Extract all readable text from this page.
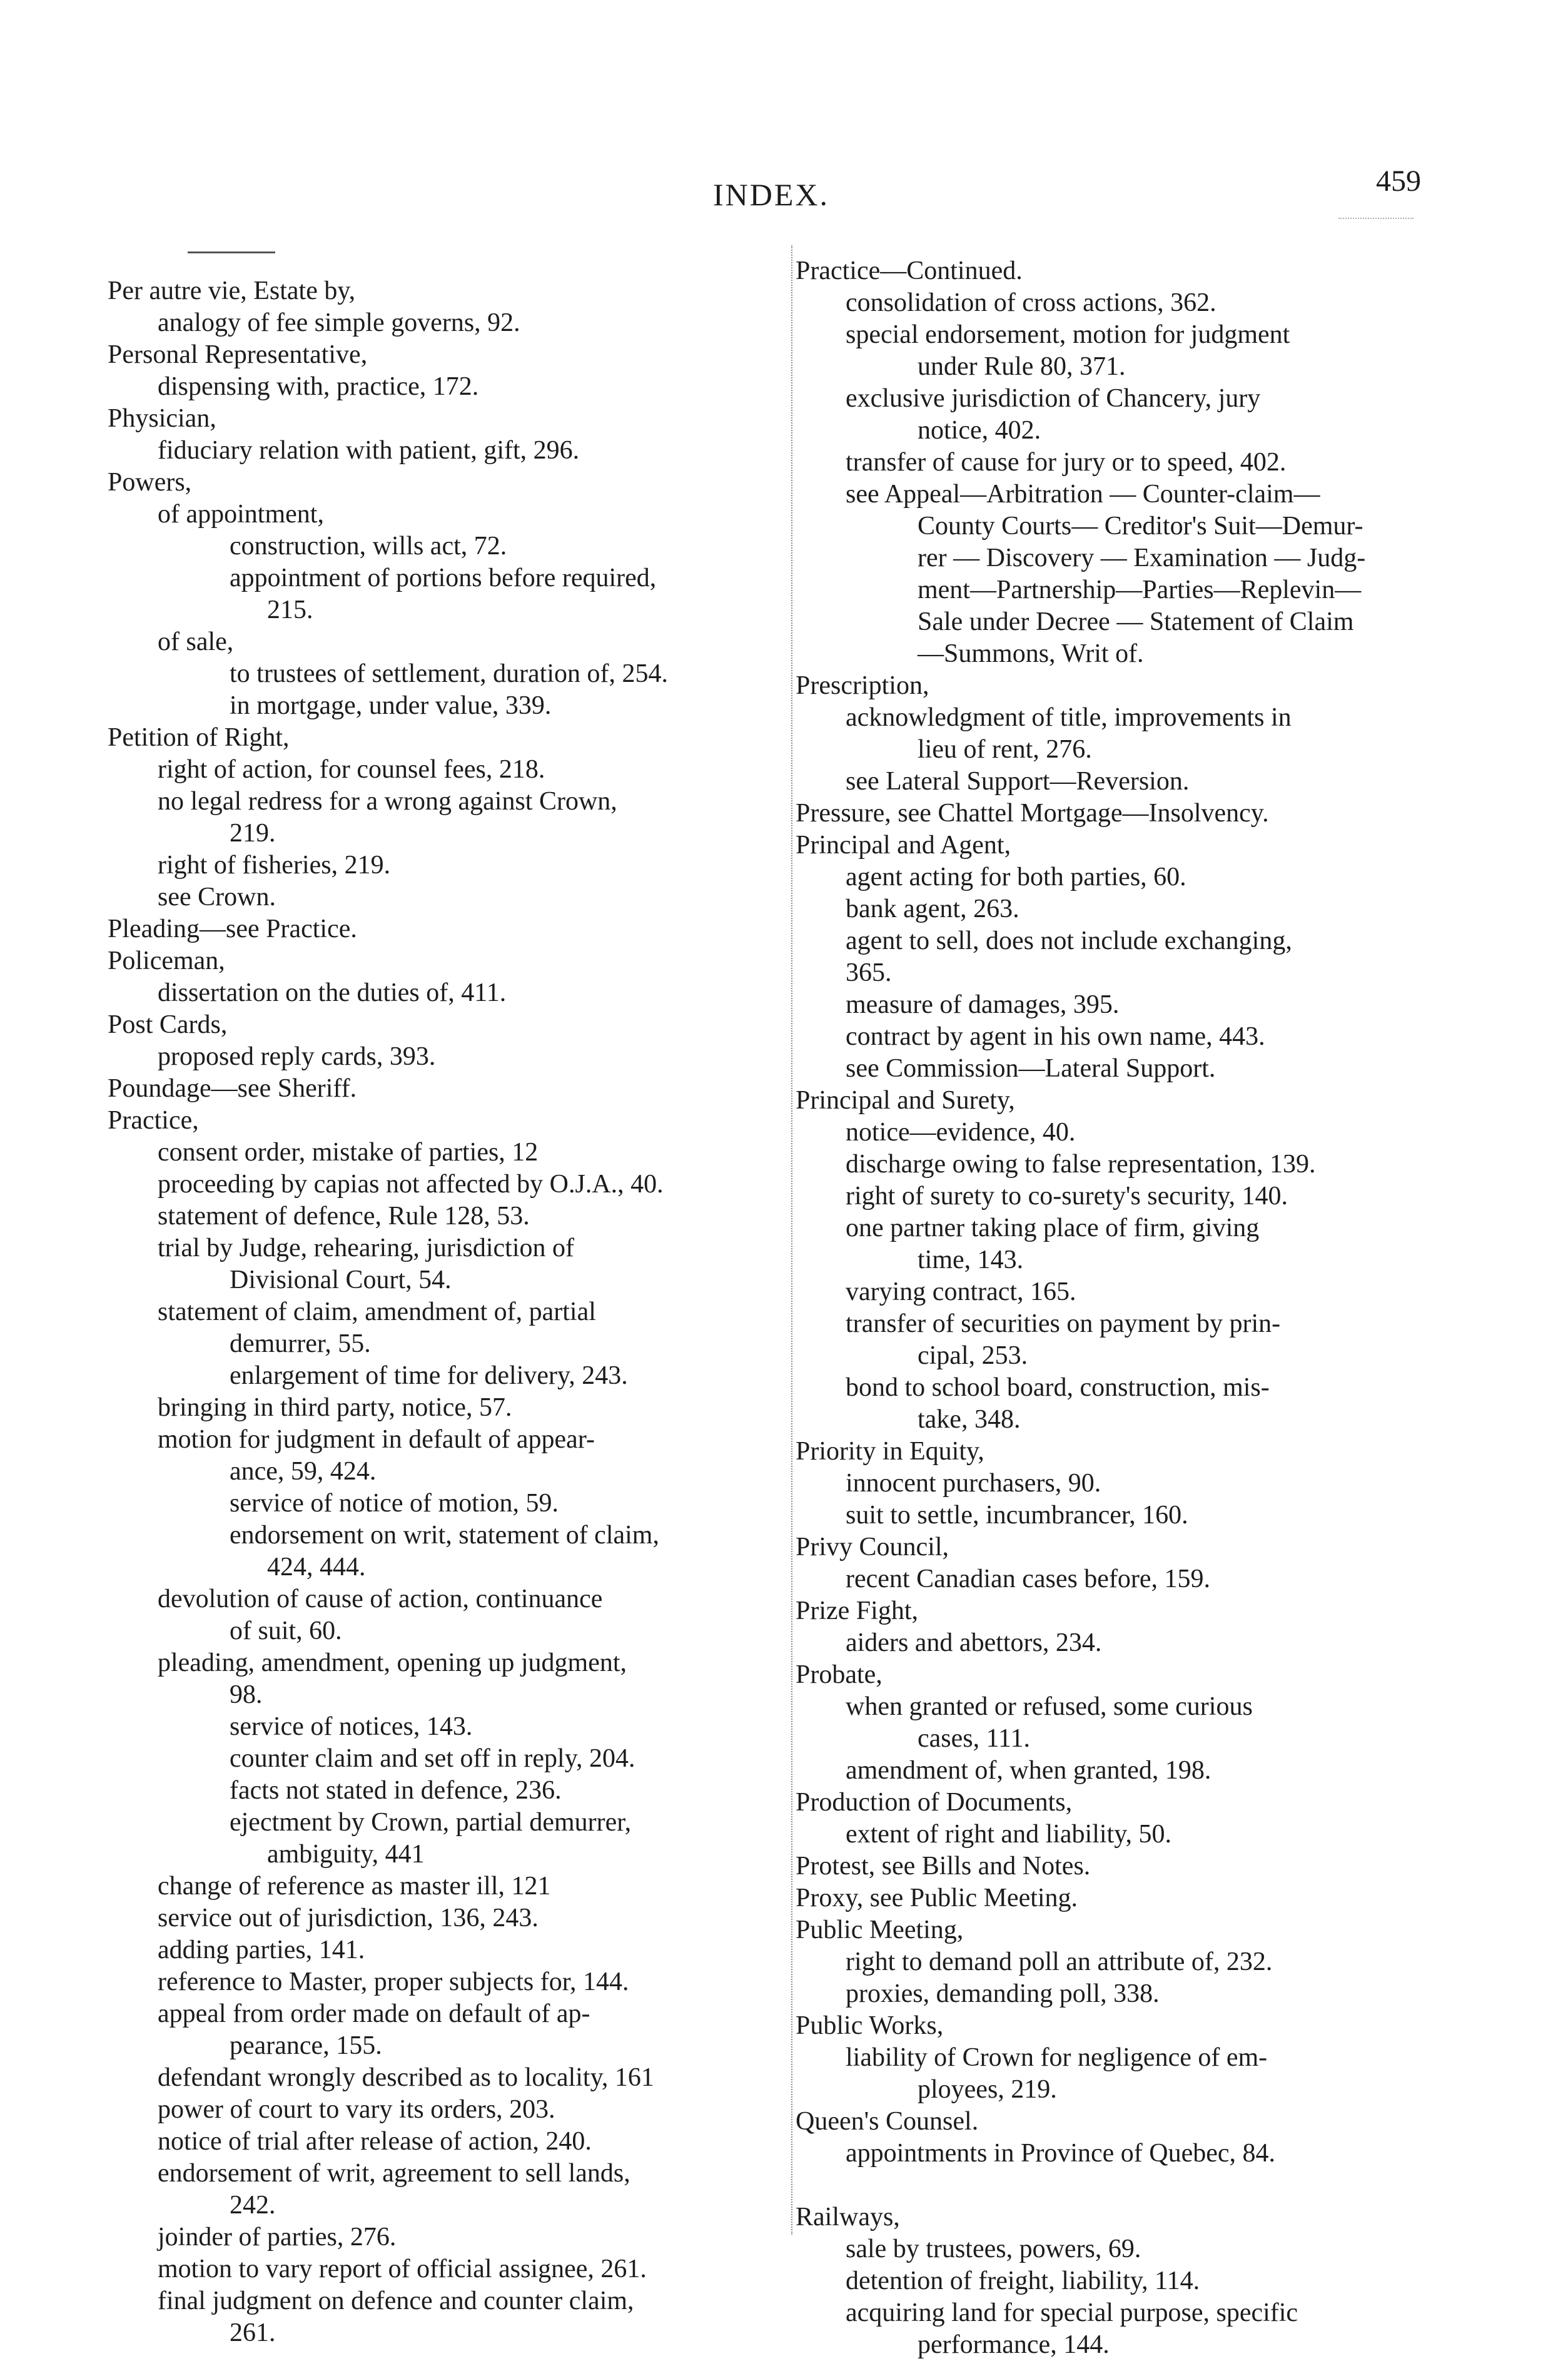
INDEX.	459
Per autre vie, Estate by,
analogy of fee simple governs, 92.
Personal Representative,
dispensing with, practice, 172.
Physician,
fiduciary relation with patient, gift, 296.
Powers,
of appointment,
construction, wills act, 72.
appointment of portions before required,
215.
of sale,
to trustees of settlement, duration of, 254.
in mortgage, under value, 339.
Petition of Right,
right of action, for counsel fees, 218.
no legal redress for a wrong against Crown,
219.
right of fisheries, 219.
see Crown.
Pleading—see Practice.
Policeman,
dissertation on the duties of, 411.
Post Cards,
proposed reply cards, 393.
Poundage—see Sheriff.
Practice,
consent order, mistake of parties, 12
proceeding by capias not affected by O.J.A., 40.
statement of defence, Rule 128, 53.
trial by Judge, rehearing, jurisdiction of
Divisional Court, 54.
statement of claim, amendment of, partial
demurrer, 55.
enlargement of time for delivery, 243.
bringing in third party, notice, 57.
motion for judgment in default of appear-
ance, 59, 424.
service of notice of motion, 59.
endorsement on writ, statement of claim,
424, 444.
devolution of cause of action, continuance
of suit, 60.
pleading, amendment, opening up judgment,
98.
service of notices, 143.
counter claim and set off in reply, 204.
facts not stated in defence, 236.
ejectment by Crown, partial demurrer,
ambiguity, 441
change of reference as master ill, 121
service out of jurisdiction, 136, 243.
adding parties, 141.
reference to Master, proper subjects for, 144.
appeal from order made on default of ap-
pearance, 155.
defendant wrongly described as to locality, 161
power of court to vary its orders, 203.
notice of trial after release of action, 240.
endorsement of writ, agreement to sell lands,
242.
joinder of parties, 276.
motion to vary report of official assignee, 261.
final judgment on defence and counter claim,
261.
Practice—Continued.
consolidation of cross actions, 362.
special endorsement, motion for judgment
under Rule 80, 371.
exclusive jurisdiction of Chancery, jury
notice, 402.
transfer of cause for jury or to speed, 402.
see Appeal—Arbitration — Counter-claim—
County Courts— Creditor's Suit—Demur-
rer — Discovery — Examination — Judg-
ment—Partnership—Parties—Replevin—
Sale under Decree — Statement of Claim
—Summons, Writ of.
Prescription,
acknowledgment of title, improvements in
lieu of rent, 276.
see Lateral Support—Reversion.
Pressure, see Chattel Mortgage—Insolvency.
Principal and Agent,
agent acting for both parties, 60.
bank agent, 263.
agent to sell, does not include exchanging,
365.
measure of damages, 395.
contract by agent in his own name, 443.
see Commission—Lateral Support.
Principal and Surety,
notice—evidence, 40.
discharge owing to false representation, 139.
right of surety to co-surety's security, 140.
one partner taking place of firm, giving
time, 143.
varying contract, 165.
transfer of securities on payment by prin-
cipal, 253.
bond to school board, construction, mis-
take, 348.
Priority in Equity,
innocent purchasers, 90.
suit to settle, incumbrancer, 160.
Privy Council,
recent Canadian cases before, 159.
Prize Fight,
aiders and abettors, 234.
Probate,
when granted or refused, some curious
cases, 111.
amendment of, when granted, 198.
Production of Documents,
extent of right and liability, 50.
Protest, see Bills and Notes.
Proxy, see Public Meeting.
Public Meeting,
right to demand poll an attribute of, 232.
proxies, demanding poll, 338.
Public Works,
liability of Crown for negligence of em-
ployees, 219.
Queen's Counsel.
appointments in Province of Quebec, 84.
Railways,
sale by trustees, powers, 69.
detention of freight, liability, 114.
acquiring land for special purpose, specific
performance, 144.
